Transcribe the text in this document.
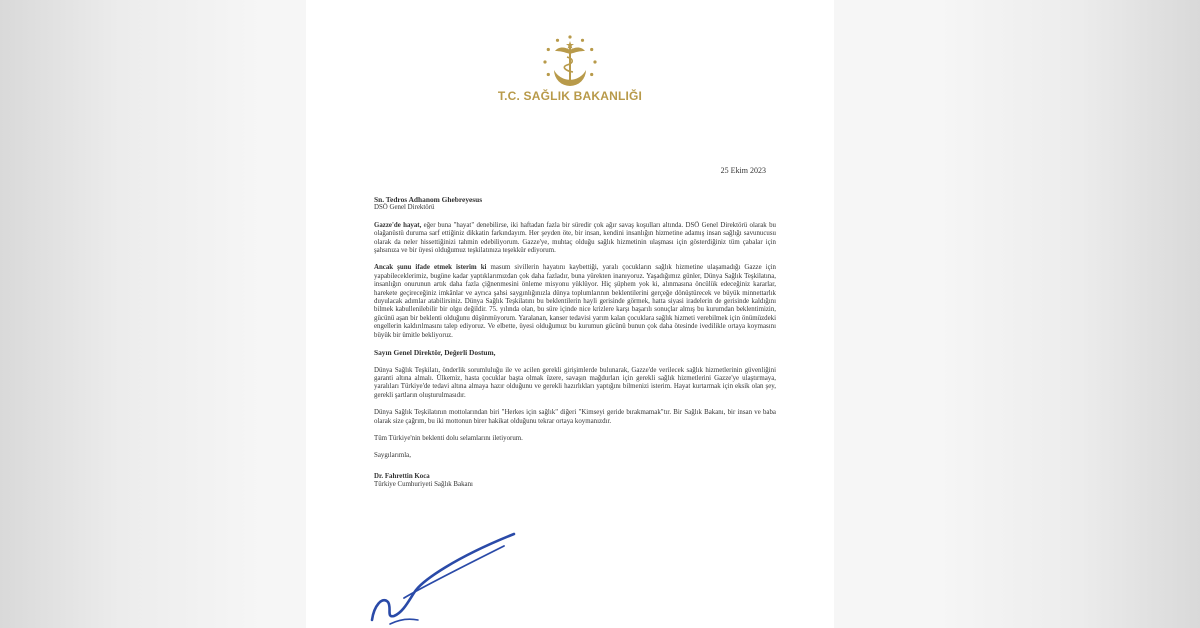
T.C. SAĞLIK BAKANLIĞI
25 Ekim 2023

Sn. Tedros Adhanom Ghebreyesus
DSÖ Genel Direktörü

Gazze'de hayat, eğer buna "hayat" denebilirse, iki haftadan fazla bir süredir çok ağır savaş koşulları altında. DSÖ Genel Direktörü olarak bu olağanüstü duruma sarf ettiğiniz dikkatin farkındayım. Her şeyden öte, bir insan, kendini insanlığın hizmetine adamış insan sağlığı savunucusu olarak da neler hissettiğinizi tahmin edebiliyorum. Gazze'ye, muhtaç olduğu sağlık hizmetinin ulaşması için gösterdiğiniz tüm çabalar için şahsınıza ve bir üyesi olduğumuz teşkilatınıza teşekkür ediyorum.

Ancak şunu ifade etmek isterim ki masum sivillerin hayatını kaybettiği, yaralı çocukların sağlık hizmetine ulaşamadığı Gazze için yapabileceklerimiz, bugüne kadar yaptıklarımızdan çok daha fazladır, buna yürekten inanıyoruz. Yaşadığımız günler, Dünya Sağlık Teşkilatına, insanlığın onurunun artık daha fazla çiğnenmesini önleme misyonu yüklüyor. Hiç şüphem yok ki, alınmasına öncülük edeceğiniz kararlar, harekete geçireceğiniz imkânlar ve ayrıca şahsi saygınlığınızla dünya toplumlarının beklentilerini gerçeğe dönüştürecek ve büyük minnettarlık duyulacak adımlar atabilirsiniz. Dünya Sağlık Teşkilatını bu beklentilerin hayli gerisinde görmek, hatta siyasi iradelerin de gerisinde kaldığını bilmek kabullenilebilir bir olgu değildir. 75. yılında olan, bu süre içinde nice krizlere karşı başarılı sonuçlar almış bu kurumdan beklentimizin, gücünü aşan bir beklenti olduğunu düşünmüyorum. Yaralanan, kanser tedavisi yarım kalan çocuklara sağlık hizmeti verebilmek için önümüzdeki engellerin kaldırılmasını talep ediyoruz. Ve elbette, üyesi olduğumuz bu kurumun gücünü bunun çok daha ötesinde ivedilikle ortaya koymasını büyük bir ümitle bekliyoruz.

Sayın Genel Direktör, Değerli Dostum,

Dünya Sağlık Teşkilatı, önderlik sorumluluğu ile ve acilen gerekli girişimlerde bulunarak, Gazze'de verilecek sağlık hizmetlerinin güvenliğini garanti altına almalı. Ülkemiz, hasta çocuklar başta olmak üzere, savaşın mağdurları için gerekli sağlık hizmetlerini Gazze'ye ulaştırmaya, yaralıları Türkiye'de tedavi altına almaya hazır olduğunu ve gerekli hazırlıkları yaptığını bilmenizi isterim. Hayat kurtarmak için eksik olan şey, gerekli şartların oluşturulmasıdır.

Dünya Sağlık Teşkilatının mottolarından biri "Herkes için sağlık" diğeri "Kimseyi geride bırakmamak"tır. Bir Sağlık Bakanı, bir insan ve baba olarak size çağrım, bu iki mottonun birer hakikat olduğunu tekrar ortaya koymanızdır.

Tüm Türkiye'nin beklenti dolu selamlarını iletiyorum.

Saygılarımla,
Dr. Fahrettin Koca
Türkiye Cumhuriyeti Sağlık Bakanı
